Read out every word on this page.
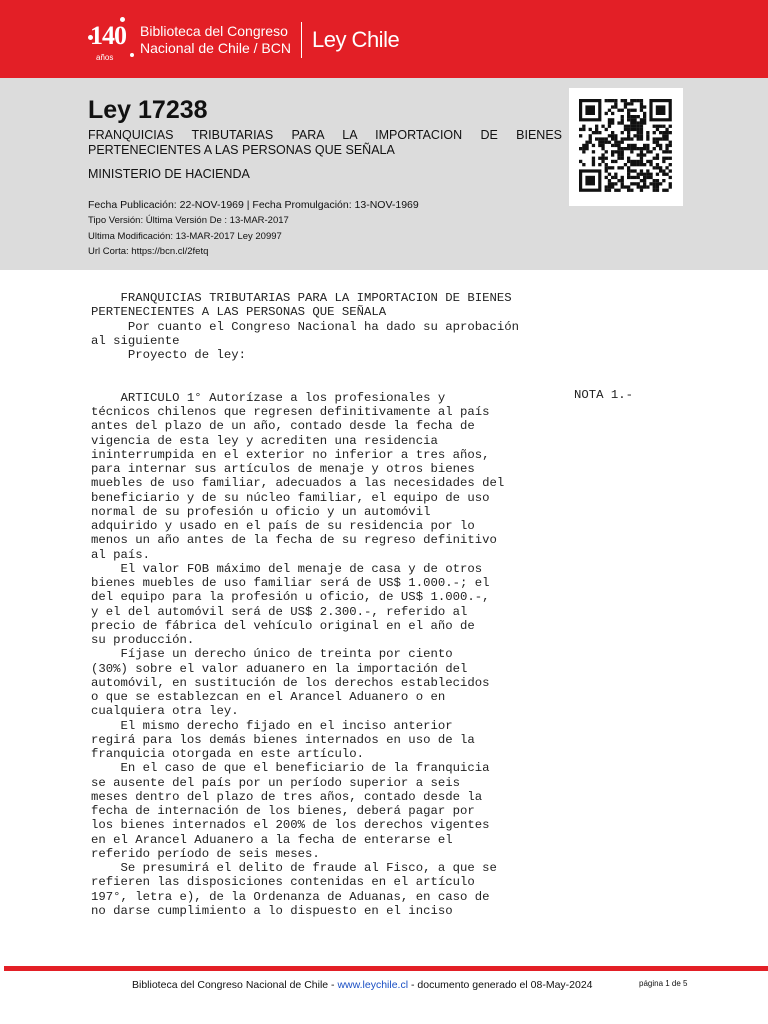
140
años
Biblioteca del Congreso
Nacional de Chile / BCN Ley Chile
Ley 17238
FRANQUICIAS TRIBUTARIAS PARA LA IMPORTACION DE BIENES PERTENECIENTES A LAS PERSONAS QUE SEÑALA
MINISTERIO DE HACIENDA
Fecha Publicación: 22-NOV-1969 | Fecha Promulgación: 13-NOV-1969
Tipo Versión: Última Versión De : 13-MAR-2017
Ultima Modificación: 13-MAR-2017 Ley 20997
Url Corta: https://bcn.cl/2fetq
FRANQUICIAS TRIBUTARIAS PARA LA IMPORTACION DE BIENES
PERTENECIENTES A LAS PERSONAS QUE SEÑALA
Por cuanto el Congreso Nacional ha dado su aprobación
al siguiente
Proyecto de ley:

ARTICULO 1° Autorízase a los profesionales y
técnicos chilenos que regresen definitivamente al país
antes del plazo de un año, contado desde la fecha de
vigencia de esta ley y acrediten una residencia
ininterrumpida en el exterior no inferior a tres años,
para internar sus artículos de menaje y otros bienes
muebles de uso familiar, adecuados a las necesidades del
beneficiario y de su núcleo familiar, el equipo de uso
normal de su profesión u oficio y un automóvil
adquirido y usado en el país de su residencia por lo
menos un año antes de la fecha de su regreso definitivo
al país.
El valor FOB máximo del menaje de casa y de otros
bienes muebles de uso familiar será de US$ 1.000.-; el
del equipo para la profesión u oficio, de US$ 1.000.-,
y el del automóvil será de US$ 2.300.-, referido al
precio de fábrica del vehículo original en el año de
su producción.
Fíjase un derecho único de treinta por ciento
(30%) sobre el valor aduanero en la importación del
automóvil, en sustitución de los derechos establecidos
o que se establezcan en el Arancel Aduanero o en
cualquiera otra ley.
El mismo derecho fijado en el inciso anterior
regirá para los demás bienes internados en uso de la
franquicia otorgada en este artículo.
En el caso de que el beneficiario de la franquicia
se ausente del país por un período superior a seis
meses dentro del plazo de tres años, contado desde la
fecha de internación de los bienes, deberá pagar por
los bienes internados el 200% de los derechos vigentes
en el Arancel Aduanero a la fecha de enterarse el
referido período de seis meses.
Se presumirá el delito de fraude al Fisco, a que se
refieren las disposiciones contenidas en el artículo
197°, letra e), de la Ordenanza de Aduanas, en caso de
no darse cumplimiento a lo dispuesto en el inciso
NOTA 1.-
Biblioteca del Congreso Nacional de Chile - www.leychile.cl - documento generado el 08-May-2024	página 1 de 5
